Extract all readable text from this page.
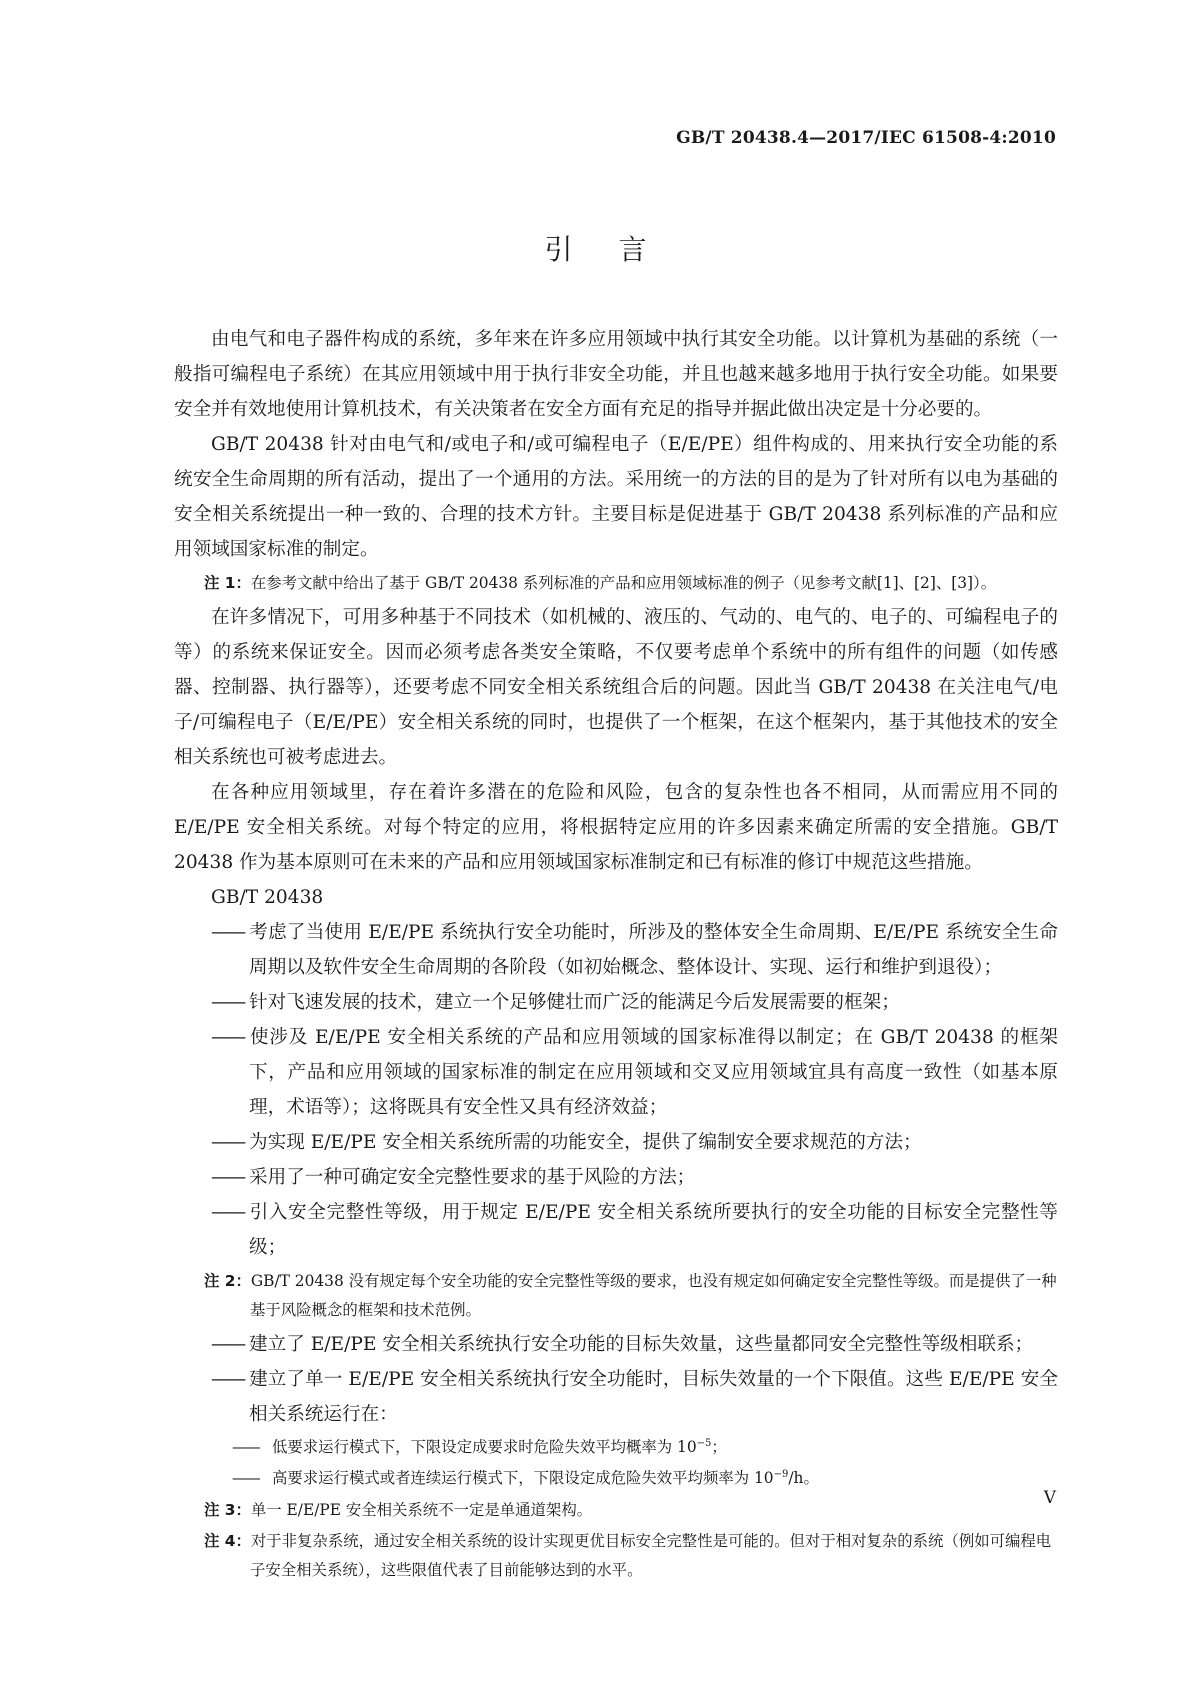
GB/T 20438.4—2017/IEC 61508-4:2010
引言

由电气和电子器件构成的系统，多年来在许多应用领域中执行其安全功能。以计算机为基础的系统（一般指可编程电子系统）在其应用领域中用于执行非安全功能，并且也越来越多地用于执行安全功能。如果要安全并有效地使用计算机技术，有关决策者在安全方面有充足的指导并据此做出决定是十分必要的。

GB/T 20438 针对由电气和/或电子和/或可编程电子（E/E/PE）组件构成的、用来执行安全功能的系统安全生命周期的所有活动，提出了一个通用的方法。采用统一的方法的目的是为了针对所有以电为基础的安全相关系统提出一种一致的、合理的技术方针。主要目标是促进基于 GB/T 20438 系列标准的产品和应用领域国家标准的制定。

注 1：在参考文献中给出了基于 GB/T 20438 系列标准的产品和应用领域标准的例子（见参考文献[1]、[2]、[3]）。

在许多情况下，可用多种基于不同技术（如机械的、液压的、气动的、电气的、电子的、可编程电子的等）的系统来保证安全。因而必须考虑各类安全策略，不仅要考虑单个系统中的所有组件的问题（如传感器、控制器、执行器等），还要考虑不同安全相关系统组合后的问题。因此当 GB/T 20438 在关注电气/电子/可编程电子（E/E/PE）安全相关系统的同时，也提供了一个框架，在这个框架内，基于其他技术的安全相关系统也可被考虑进去。

在各种应用领域里，存在着许多潜在的危险和风险，包含的复杂性也各不相同，从而需应用不同的 E/E/PE 安全相关系统。对每个特定的应用，将根据特定应用的许多因素来确定所需的安全措施。GB/T 20438 作为基本原则可在未来的产品和应用领域国家标准制定和已有标准的修订中规范这些措施。

GB/T 20438

—— 考虑了当使用 E/E/PE 系统执行安全功能时，所涉及的整体安全生命周期、E/E/PE 系统安全生命周期以及软件安全生命周期的各阶段（如初始概念、整体设计、实现、运行和维护到退役）；

—— 针对飞速发展的技术，建立一个足够健壮而广泛的能满足今后发展需要的框架；

—— 使涉及 E/E/PE 安全相关系统的产品和应用领域的国家标准得以制定；在 GB/T 20438 的框架下，产品和应用领域的国家标准的制定在应用领域和交叉应用领域宜具有高度一致性（如基本原理，术语等）；这将既具有安全性又具有经济效益；

—— 为实现 E/E/PE 安全相关系统所需的功能安全，提供了编制安全要求规范的方法；

—— 采用了一种可确定安全完整性要求的基于风险的方法；

—— 引入安全完整性等级，用于规定 E/E/PE 安全相关系统所要执行的安全功能的目标安全完整性等级；

注 2：GB/T 20438 没有规定每个安全功能的安全完整性等级的要求，也没有规定如何确定安全完整性等级。而是提供了一种基于风险概念的框架和技术范例。

—— 建立了 E/E/PE 安全相关系统执行安全功能的目标失效量，这些量都同安全完整性等级相联系；

—— 建立了单一 E/E/PE 安全相关系统执行安全功能时，目标失效量的一个下限值。这些 E/E/PE 安全相关系统运行在：

—— 低要求运行模式下，下限设定成要求时危险失效平均概率为 $10^{-5}$；

—— 高要求运行模式或者连续运行模式下，下限设定成危险失效平均频率为 $10^{-9}/h$。

注 3：单一 E/E/PE 安全相关系统不一定是单通道架构。

注 4：对于非复杂系统，通过安全相关系统的设计实现更优目标安全完整性是可能的。但对于相对复杂的系统（例如可编程电子安全相关系统），这些限值代表了目前能够达到的水平。

V
